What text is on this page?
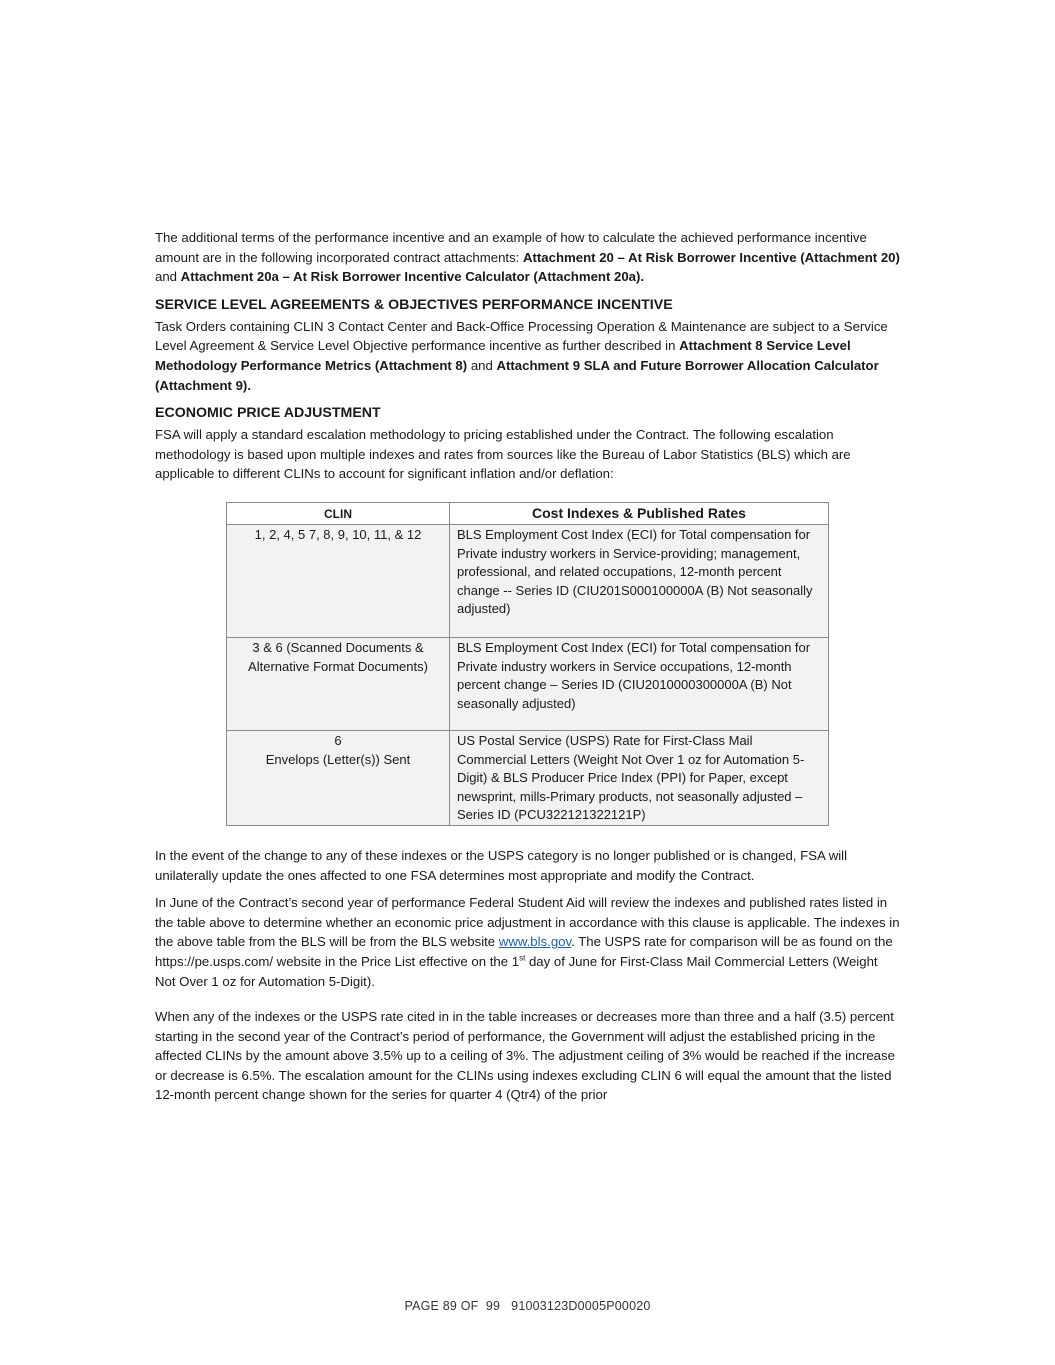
The additional terms of the performance incentive and an example of how to calculate the achieved performance incentive amount are in the following incorporated contract attachments: Attachment 20 – At Risk Borrower Incentive (Attachment 20) and Attachment 20a – At Risk Borrower Incentive Calculator (Attachment 20a).

SERVICE LEVEL AGREEMENTS & OBJECTIVES PERFORMANCE INCENTIVE

Task Orders containing CLIN 3 Contact Center and Back-Office Processing Operation & Maintenance are subject to a Service Level Agreement & Service Level Objective performance incentive as further described in Attachment 8 Service Level Methodology Performance Metrics (Attachment 8) and Attachment 9 SLA and Future Borrower Allocation Calculator (Attachment 9).

ECONOMIC PRICE ADJUSTMENT

FSA will apply a standard escalation methodology to pricing established under the Contract. The following escalation methodology is based upon multiple indexes and rates from sources like the Bureau of Labor Statistics (BLS) which are applicable to different CLINs to account for significant inflation and/or deflation:

CLIN	Cost Indexes & Published Rates

1, 2, 4, 5 7, 8, 9, 10, 11, & 12	BLS Employment Cost Index (ECI) for Total compensation for Private industry workers in Service-providing; management, professional, and related occupations, 12-month percent change -- Series ID (CIU201S000100000A (B) Not seasonally adjusted)

3 & 6 (Scanned Documents &
Alternative Format Documents)	BLS Employment Cost Index (ECI) for Total compensation for Private industry workers in Service occupations, 12-month percent change – Series ID (CIU2010000300000A (B) Not seasonally adjusted)

6
Envelops (Letter(s)) Sent	US Postal Service (USPS) Rate for First-Class Mail Commercial Letters (Weight Not Over 1 oz for Automation 5-Digit) & BLS Producer Price Index (PPI) for Paper, except newsprint, mills-Primary products, not seasonally adjusted – Series ID (PCU322121322121P)

In the event of the change to any of these indexes or the USPS category is no longer published or is changed, FSA will unilaterally update the ones affected to one FSA determines most appropriate and modify the Contract.

In June of the Contract’s second year of performance Federal Student Aid will review the indexes and published rates listed in the table above to determine whether an economic price adjustment in accordance with this clause is applicable. The indexes in the above table from the BLS will be from the BLS website www.bls.gov. The USPS rate for comparison will be as found on the https://pe.usps.com/ website in the Price List effective on the 1st day of June for First-Class Mail Commercial Letters (Weight Not Over 1 oz for Automation 5-Digit).

When any of the indexes or the USPS rate cited in in the table increases or decreases more than three and a half (3.5) percent starting in the second year of the Contract’s period of performance, the Government will adjust the established pricing in the affected CLINs by the amount above 3.5% up to a ceiling of 3%. The adjustment ceiling of 3% would be reached if the increase or decrease is 6.5%. The escalation amount for the CLINs using indexes excluding CLIN 6 will equal the amount that the listed 12-month percent change shown for the series for quarter 4 (Qtr4) of the prior

PAGE 89 OF  99 91003123D0005P00020
